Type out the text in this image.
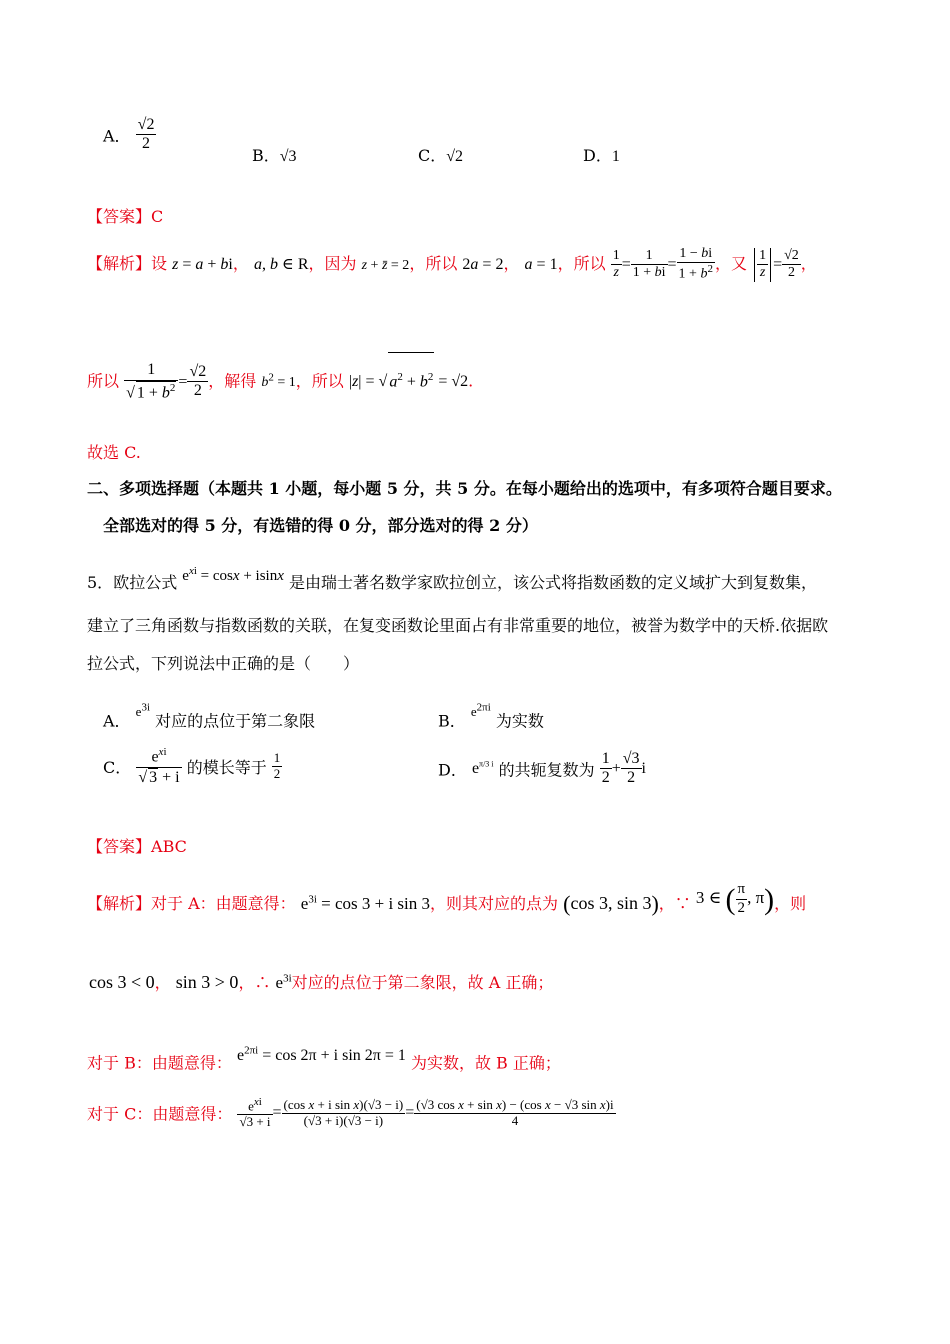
A． $\frac{√2}{2}$
B．√3	C．√2	D．1
【答案】C
【解析】设 z = a + bi， a, b ∈ R，因为 z + z̄ = 2，所以 2a = 2， a = 1，所以 $\frac{1}{z} = \frac{1}{1 + bi} = \frac{1 - bi}{1 + b^2}$ ，又 $\frac{1}{z} = \frac{√2}{2}$ ，
所以 $\frac{1}{√ 1 + b^2} = \frac{√2}{2}$ ，解得 $b^2 = 1$，所以 |z| = √ $a^2 + b^2 = √2$.
故选 C.
二、多项选择题（本题共 1 小题，每小题 5 分，共 5 分。在每小题给出的选项中，有多项符合题目要求。
全部选对的得 5 分，有选错的得 0 分，部分选对的得 2 分）
5．欧拉公式 $e^{xi} = \cos x + isinx$ 是由瑞士著名数学家欧拉创立，该公式将指数函数的定义域扩大到复数集，
建立了三角函数与指数函数的关联，在复变函数论里面占有非常重要的地位，被誉为数学中的天桥.依据欧
拉公式，下列说法中正确的是（　　）
A． $^{e^{3i}}$ 对应的点位于第二象限	B． $^{e^{2\pi i}}$ 为实数
C． $\frac{e^{xi}}{√ 3 + i}$ 的模长等于 $\frac{1}{2}$	D． $e^{\pi/3 i}$ 的共轭复数为 $\frac{1}{2} + \frac{√3}{2}$ i
【答案】ABC
【解析】对于 A：由题意得： $e^{3i} = \cos 3 + i$ sin 3，则其对应的点为 (cos 3, sin 3)，∵ 3 ∈ ( $\frac{\pi}{2}$ , π)，则
cos 3 < 0， sin 3 > 0，∴ $e^{3i}$对应的点位于第二象限，故 A 正确；
对于 B：由题意得： $e^{2\pi i} = \cos 2\pi + i$ sin 2π = 1 为实数，故 B 正确；
对于 C：由题意得： $\frac{e^{xi}}{√3 + i} = \frac{\text{(cos x + i sin x)(√3 − i)}}{(√3 + i)(√3 - i)} = \frac{\text{(√3 cos x + sin x) − (cos x − √3 sin x)i}}{4}$
